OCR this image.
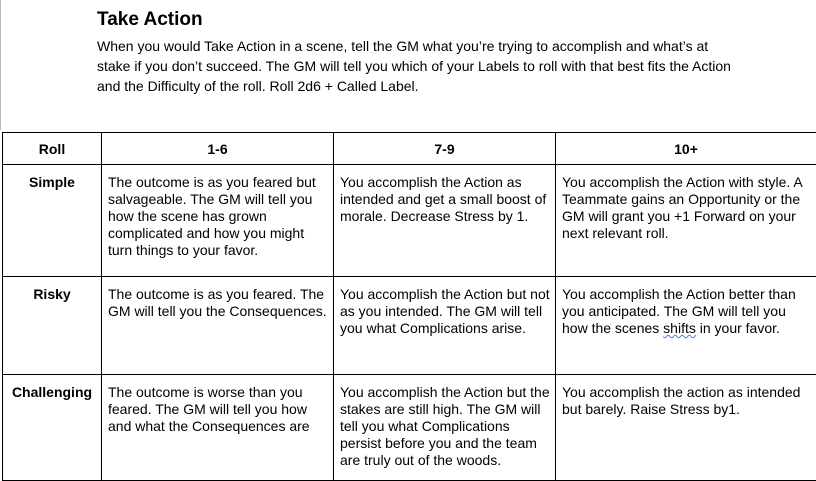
Take Action

When you would Take Action in a scene, tell the GM what you’re trying to accomplish and what’s at stake if you don’t succeed. The GM will tell you which of your Labels to roll with that best fits the Action and the Difficulty of the roll. Roll 2d6 + Called Label.

Roll	1-6	7-9	10+
Simple	The outcome is as you feared but salvageable. The GM will tell you how the scene has grown complicated and how you might turn things to your favor.	You accomplish the Action as intended and get a small boost of morale. Decrease Stress by 1.	You accomplish the Action with style. A Teammate gains an Opportunity or the GM will grant you +1 Forward on your next relevant roll.
Risky	The outcome is as you feared. The GM will tell you the Consequences.	You accomplish the Action but not as you intended. The GM will tell you what Complications arise.	You accomplish the Action better than you anticipated. The GM will tell you how the scenes shifts in your favor.
Challenging	The outcome is worse than you feared. The GM will tell you how and what the Consequences are	You accomplish the Action but the stakes are still high. The GM will tell you what Complications persist before you and the team are truly out of the woods.	You accomplish the action as intended but barely. Raise Stress by1.
